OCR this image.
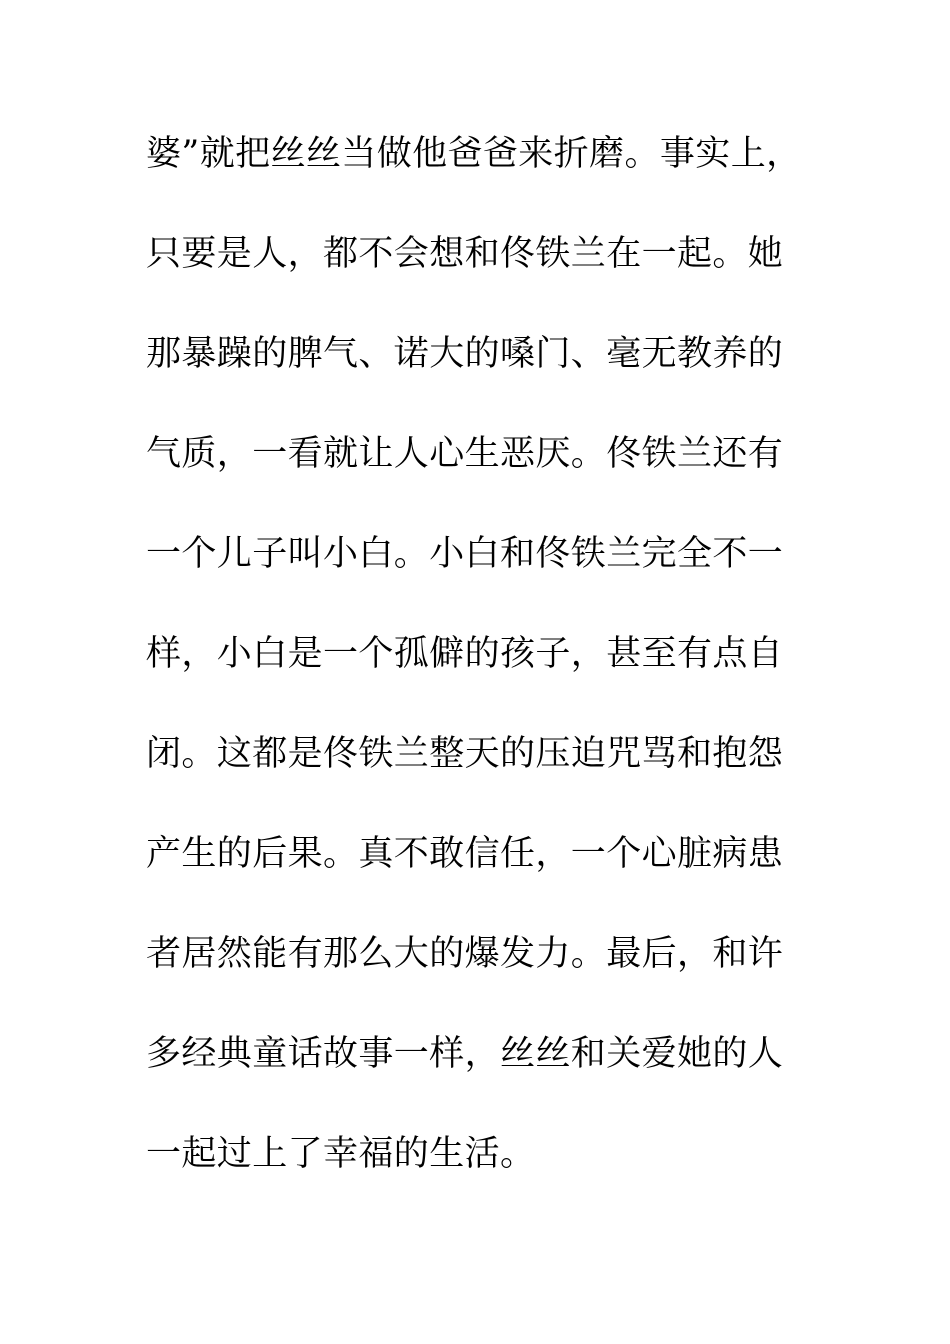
婆”就把丝丝当做他爸爸来折磨。事实上，
只要是人，都不会想和佟铁兰在一起。她
那暴躁的脾气、诺大的嗓门、毫无教养的
气质，一看就让人心生恶厌。佟铁兰还有
一个儿子叫小白。小白和佟铁兰完全不一
样，小白是一个孤僻的孩子，甚至有点自
闭。这都是佟铁兰整天的压迫咒骂和抱怨
产生的后果。真不敢信任，一个心脏病患
者居然能有那么大的爆发力。最后，和许
多经典童话故事一样，丝丝和关爱她的人
一起过上了幸福的生活。
